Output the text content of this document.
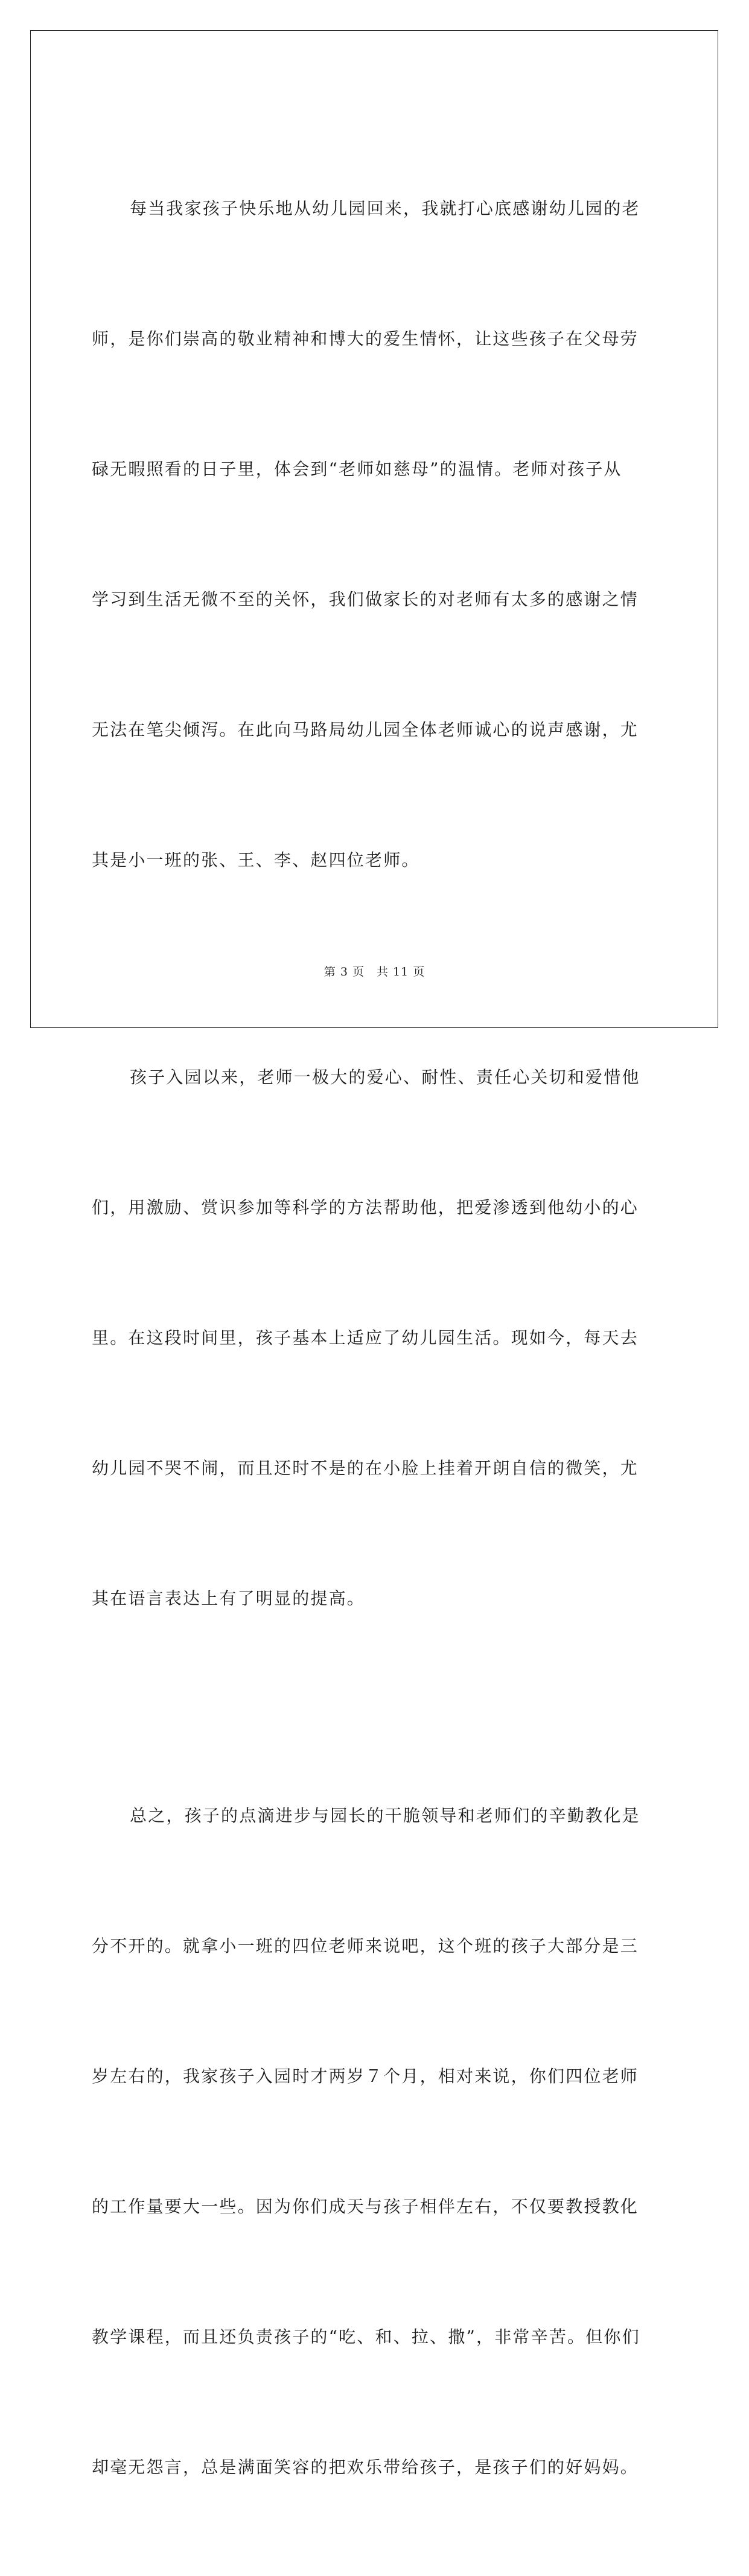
每当我家孩子快乐地从幼儿园回来，我就打心底感谢幼儿园的老

师，是你们崇高的敬业精神和博大的爱生情怀，让这些孩子在父母劳

碌无暇照看的日子里，体会到“老师如慈母”的温情。老师对孩子从

学习到生活无微不至的关怀，我们做家长的对老师有太多的感谢之情

无法在笔尖倾泻。在此向马路局幼儿园全体老师诚心的说声感谢，尤

其是小一班的张、王、李、赵四位老师。

孩子入园以来，老师一极大的爱心、耐性、责任心关切和爱惜他

们，用激励、赏识参加等科学的方法帮助他，把爱渗透到他幼小的心

里。在这段时间里，孩子基本上适应了幼儿园生活。现如今，每天去

幼儿园不哭不闹，而且还时不是的在小脸上挂着开朗自信的微笑，尤

其在语言表达上有了明显的提高。

总之，孩子的点滴进步与园长的干脆领导和老师们的辛勤教化是

分不开的。就拿小一班的四位老师来说吧，这个班的孩子大部分是三

岁左右的，我家孩子入园时才两岁７个月，相对来说，你们四位老师

的工作量要大一些。因为你们成天与孩子相伴左右，不仅要教授教化

教学课程，而且还负责孩子的“吃、和、拉、撒”，非常辛苦。但你们

却毫无怨言，总是满面笑容的把欢乐带给孩子，是孩子们的好妈妈。

第 3 页　共 11 页
